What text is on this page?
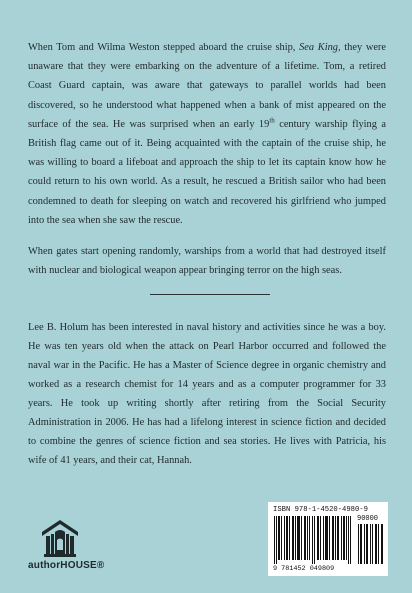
When Tom and Wilma Weston stepped aboard the cruise ship, Sea King, they were unaware that they were embarking on the adventure of a lifetime. Tom, a retired Coast Guard captain, was aware that gateways to parallel worlds had been discovered, so he understood what happened when a bank of mist appeared on the surface of the sea. He was surprised when an early 19th century warship flying a British flag came out of it. Being acquainted with the captain of the cruise ship, he was willing to board a lifeboat and approach the ship to let its captain know how he could return to his own world. As a result, he rescued a British sailor who had been condemned to death for sleeping on watch and recovered his girlfriend who jumped into the sea when she saw the rescue.

When gates start opening randomly, warships from a world that had destroyed itself with nuclear and biological weapon appear bringing terror on the high seas.

Lee B. Holum has been interested in naval history and activities since he was a boy. He was ten years old when the attack on Pearl Harbor occurred and followed the naval war in the Pacific. He has a Master of Science degree in organic chemistry and worked as a research chemist for 14 years and as a computer programmer for 33 years. He took up writing shortly after retiring from the Social Security Administration in 2006. He has had a lifelong interest in science fiction and decided to combine the genres of science fiction and sea stories. He lives with Patricia, his wife of 41 years, and their cat, Hannah.

authorHOUSE®
ISBN 978-1-4520-4980-9
90000
9 781452 049809
